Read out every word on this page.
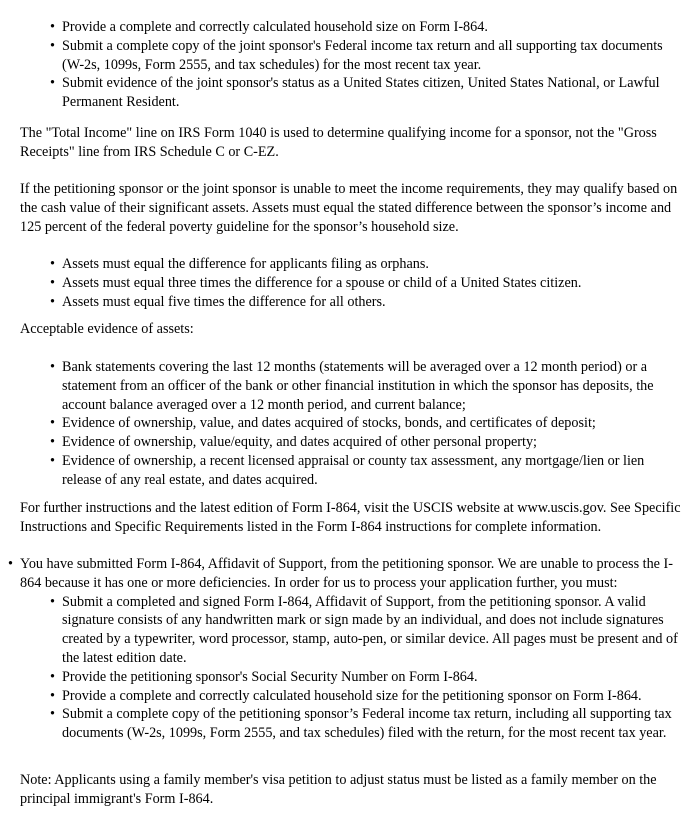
• Provide a complete and correctly calculated household size on Form I-864.
• Submit a complete copy of the joint sponsor's Federal income tax return and all supporting tax documents (W-2s, 1099s, Form 2555, and tax schedules) for the most recent tax year.
• Submit evidence of the joint sponsor's status as a United States citizen, United States National, or Lawful Permanent Resident.

The "Total Income" line on IRS Form 1040 is used to determine qualifying income for a sponsor, not the "Gross Receipts" line from IRS Schedule C or C-EZ.

If the petitioning sponsor or the joint sponsor is unable to meet the income requirements, they may qualify based on the cash value of their significant assets. Assets must equal the stated difference between the sponsor’s income and 125 percent of the federal poverty guideline for the sponsor’s household size.

• Assets must equal the difference for applicants filing as orphans.
• Assets must equal three times the difference for a spouse or child of a United States citizen.
• Assets must equal five times the difference for all others.

Acceptable evidence of assets:

• Bank statements covering the last 12 months (statements will be averaged over a 12 month period) or a statement from an officer of the bank or other financial institution in which the sponsor has deposits, the account balance averaged over a 12 month period, and current balance;
• Evidence of ownership, value, and dates acquired of stocks, bonds, and certificates of deposit;
• Evidence of ownership, value/equity, and dates acquired of other personal property;
• Evidence of ownership, a recent licensed appraisal or county tax assessment, any mortgage/lien or lien release of any real estate, and dates acquired.

For further instructions and the latest edition of Form I-864, visit the USCIS website at www.uscis.gov. See Specific Instructions and Specific Requirements listed in the Form I-864 instructions for complete information.

• You have submitted Form I-864, Affidavit of Support, from the petitioning sponsor. We are unable to process the I-864 because it has one or more deficiencies. In order for us to process your application further, you must:
• Submit a completed and signed Form I-864, Affidavit of Support, from the petitioning sponsor. A valid signature consists of any handwritten mark or sign made by an individual, and does not include signatures created by a typewriter, word processor, stamp, auto-pen, or similar device. All pages must be present and of the latest edition date.
• Provide the petitioning sponsor's Social Security Number on Form I-864.
• Provide a complete and correctly calculated household size for the petitioning sponsor on Form I-864.
• Submit a complete copy of the petitioning sponsor’s Federal income tax return, including all supporting tax documents (W-2s, 1099s, Form 2555, and tax schedules) filed with the return, for the most recent tax year.

Note: Applicants using a family member's visa petition to adjust status must be listed as a family member on the principal immigrant's Form I-864.
